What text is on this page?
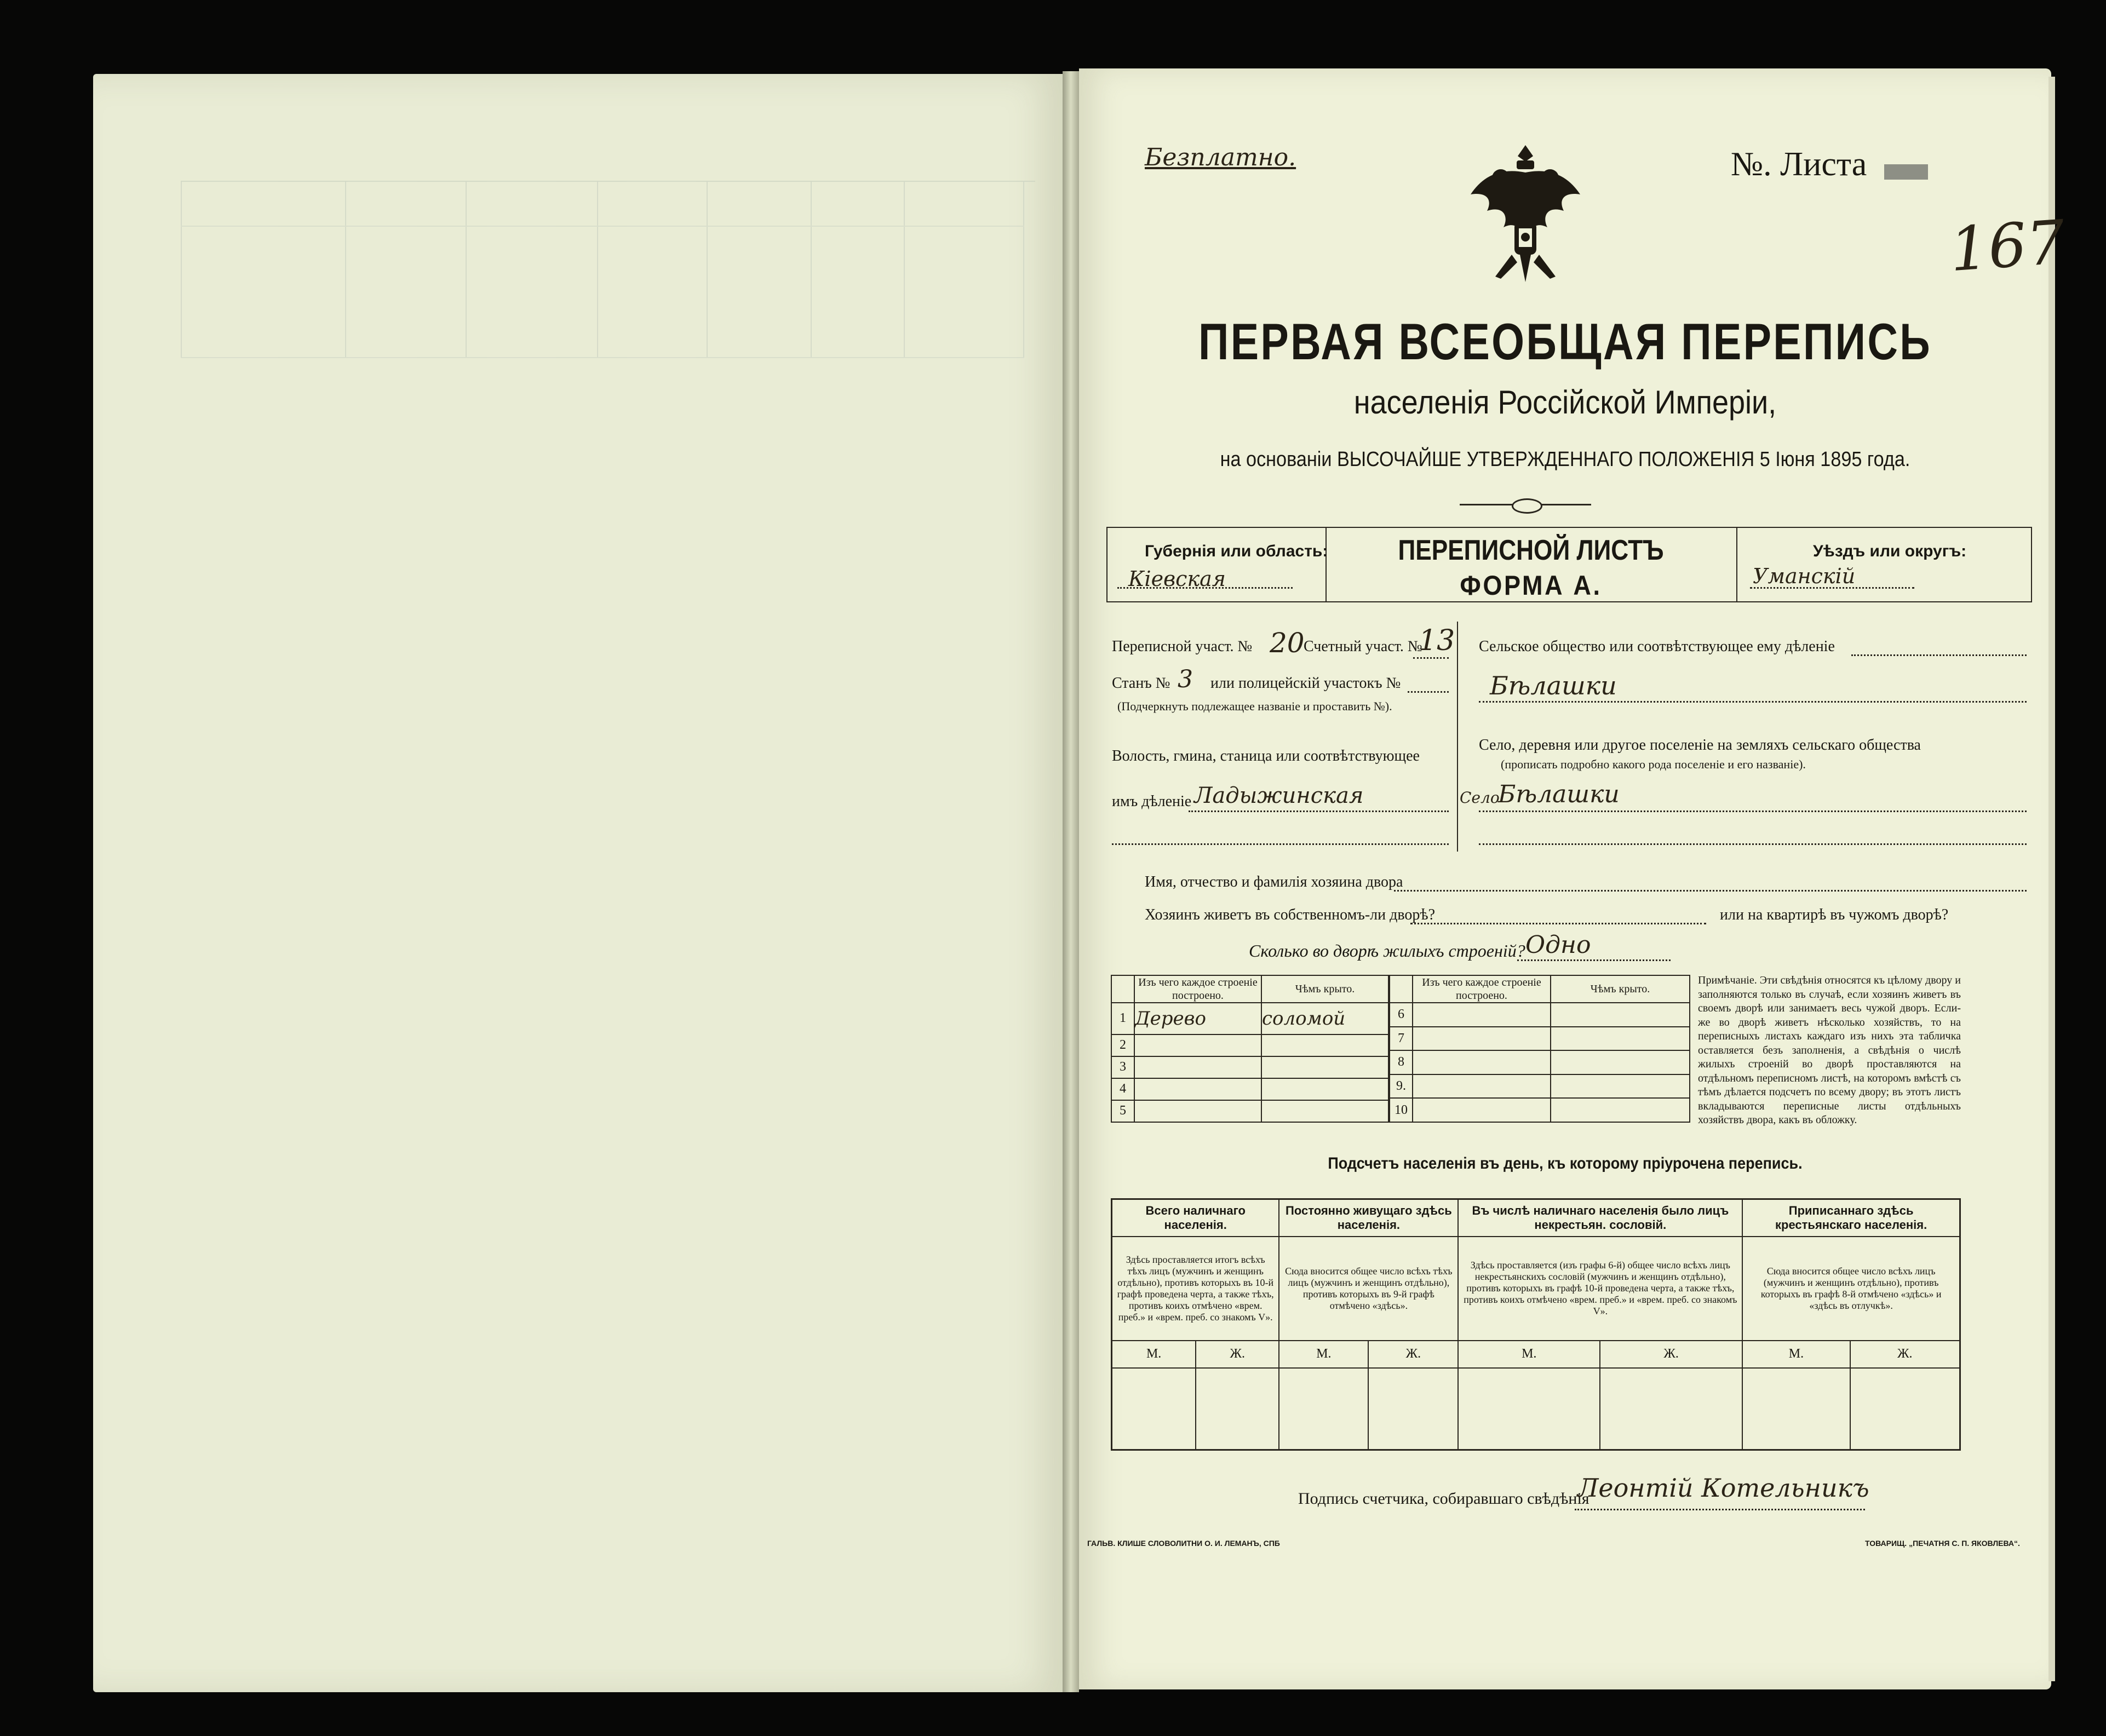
Безплатно.	№. Листа
167
ПЕРВАЯ ВСЕОБЩАЯ ПЕРЕПИСЬ
населенія Россійской Имперіи,
на основаніи ВЫСОЧАЙШЕ УТВЕРЖДЕННАГО ПОЛОЖЕНІЯ 5 Іюня 1895 года.
Губернія или область:
Кіевская
ПЕРЕПИСНОЙ ЛИСТЪ
ФОРМА А.
Уѣздъ или округъ:
Уманскій
Переписной участ. № 20
Счетный участ. №
13
Станъ № 3 или полицейскій участокъ №
(Подчеркнуть подлежащее названіе и проставить №).
Волость, гмина, станица или соотвѣтствующее
имъ дѣленіе Ладыжинская
Сельское общество или соотвѣтствующее ему дѣленіе
Бѣлашки
Село, деревня или другое поселеніе на земляхъ сельскаго общества
(прописать подробно какого рода поселеніе и его названіе).
Село
Бѣлашки
Имя, отчество и фамилія хозяина двора
Хозяинъ живетъ въ собственномъ-ли дворѣ?	или на квартирѣ въ чужомъ дворѣ?
Сколько во дворѣ жилыхъ строеній? Одно
	Изъ чего каждое строеніе построено.	Чѣмъ крыто.
1	Дерево	соломой
2		
3		
4		
5		
	Изъ чего каждое строеніе построено.	Чѣмъ крыто.
6		
7		
8		
9.		
10		
Примѣчаніе. Эти свѣдѣнія относятся къ цѣлому двору и заполняются только въ случаѣ, если хозяинъ живетъ въ своемъ дворѣ или занимаетъ весь чужой дворъ. Если-же во дворѣ живетъ нѣсколько хозяйствъ, то на переписныхъ листахъ каждаго изъ нихъ эта табличка оставляется безъ заполненія, а свѣдѣнія о числѣ жилыхъ строеній во дворѣ проставляются на отдѣльномъ переписномъ листѣ, на которомъ вмѣстѣ съ тѣмъ дѣлается подсчетъ по всему двору; въ этотъ листъ вкладываются переписные листы отдѣльныхъ хозяйствъ двора, какъ въ обложку.
Подсчетъ населенія въ день, къ которому пріурочена перепись.
Всего наличнаго населенія.		Постоянно живущаго здѣсь населенія.		Въ числѣ наличнаго населенія было лицъ некрестьян. сословій.		Приписаннаго здѣсь крестьянскаго населенія.	
Здѣсь проставляется итогъ всѣхъ тѣхъ лицъ (мужчинъ и женщинъ отдѣльно), противъ которыхъ въ 10-й графѣ проведена черта, а также тѣхъ, противъ коихъ отмѣчено «врем. преб.» и «врем. преб. со знакомъ V».		Сюда вносится общее число всѣхъ тѣхъ лицъ (мужчинъ и женщинъ отдѣльно), противъ которыхъ въ 9-й графѣ отмѣчено «здѣсь».		Здѣсь проставляется (изъ графы 6-й) общее число всѣхъ лицъ некрестьянскихъ сословій (мужчинъ и женщинъ отдѣльно), противъ которыхъ въ графѣ 10-й проведена черта, а также тѣхъ, противъ коихъ отмѣчено «врем. преб.» и «врем. преб. со знакомъ V».		Сюда вносится общее число всѣхъ лицъ (мужчинъ и женщинъ отдѣльно), противъ которыхъ въ графѣ 8-й отмѣчено «здѣсь» и «здѣсь въ отлучкѣ».	
М.	Ж.	М.	Ж.	М.	Ж.	М.	Ж.

Подпись счетчика, собиравшаго свѣдѣнія
Леонтій Котельникъ
ГАЛЬВ. КЛИШЕ СЛОВОЛИТНИ О. И. ЛЕМАНЪ, СПБ	ТОВАРИЩ. „ПЕЧАТНЯ С. П. ЯКОВЛЕВА“.
